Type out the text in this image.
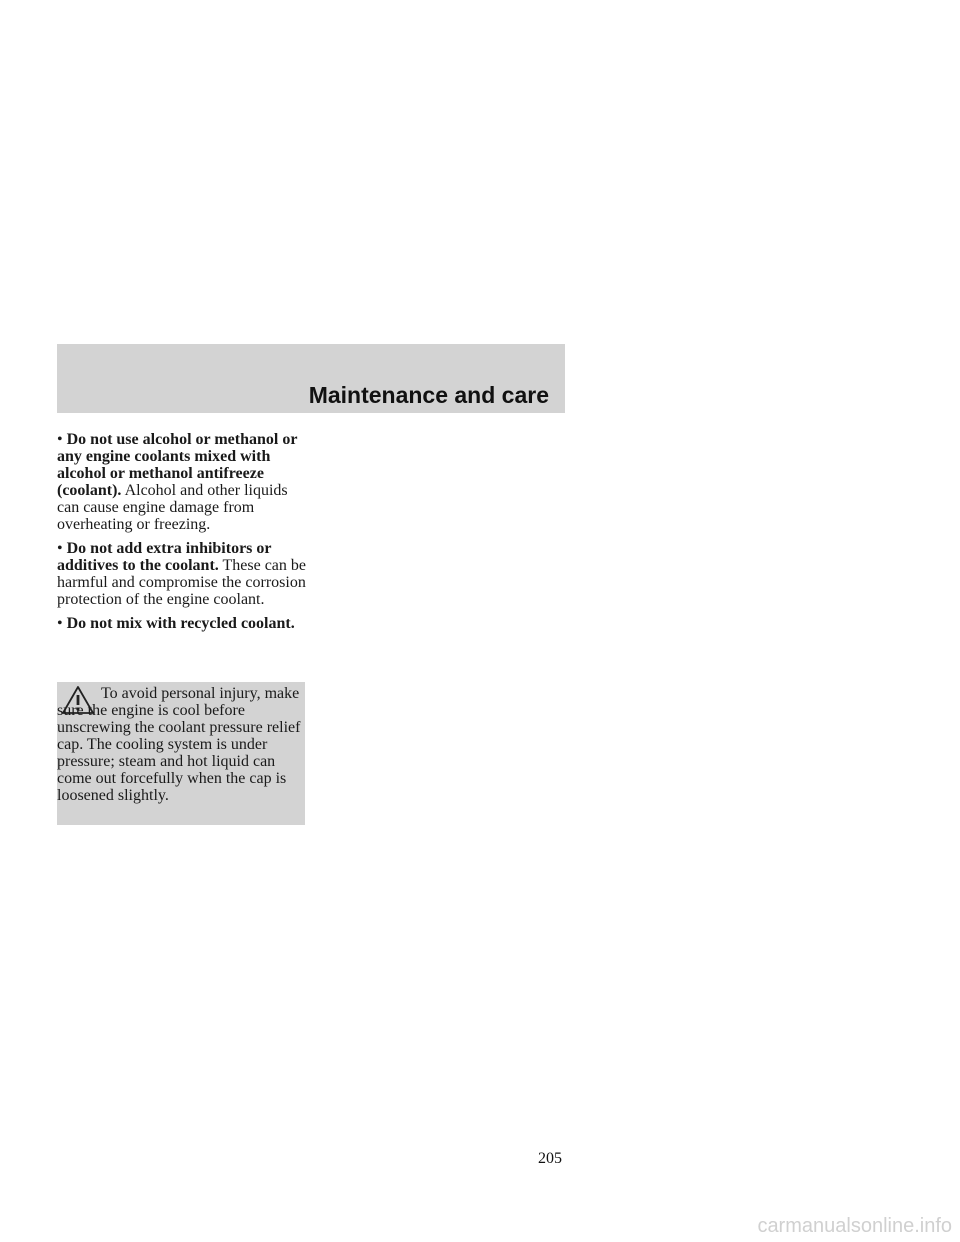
Maintenance and care

• Do not use alcohol or methanol or any engine coolants mixed with alcohol or methanol antifreeze (coolant). Alcohol and other liquids can cause engine damage from overheating or freezing.

• Do not add extra inhibitors or additives to the coolant. These can be harmful and compromise the corrosion protection of the engine coolant.

• Do not mix with recycled coolant.

To avoid personal injury, make sure the engine is cool before unscrewing the coolant pressure relief cap. The cooling system is under pressure; steam and hot liquid can come out forcefully when the cap is loosened slightly.
205
carmanualsonline.info
